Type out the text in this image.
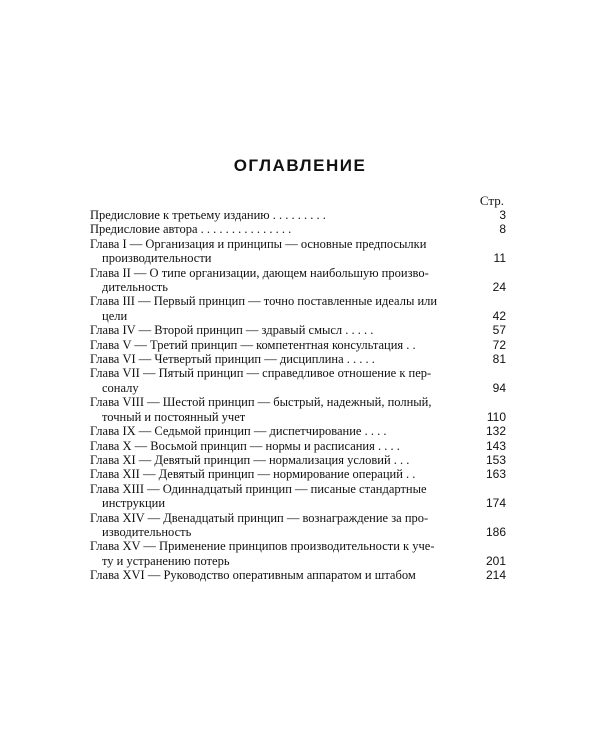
ОГЛАВЛЕНИЕ
Стр.
Предисловие к третьему изданию . . . . . . . . .	3
Предисловие автора . . . . . . . . . . . . . . .	8
Глава I — Организация и принципы — основные предпосылки
производительности	11
Глава II — О типе организации, дающем наибольшую произво-
дительность	24
Глава III — Первый принцип — точно поставленные идеалы или
цели	42
Глава IV — Второй принцип — здравый смысл . . . . .	57
Глава V — Третий принцип — компетентная консультация . .	72
Глава VI — Четвертый принцип — дисциплина . . . . .	81
Глава VII — Пятый принцип — справедливое отношение к пер-
соналу	94
Глава VIII — Шестой принцип — быстрый, надежный, полный,
точный и постоянный учет	110
Глава IX — Седьмой принцип — диспетчирование . . . .	132
Глава X — Восьмой принцип — нормы и расписания . . . .	143
Глава XI — Девятый принцип — нормализация условий . . .	153
Глава XII — Девятый принцип — нормирование операций . .	163
Глава XIII — Одиннадцатый принцип — писаные стандартные
инструкции	174
Глава XIV — Двенадцатый принцип — вознаграждение за про-
изводительность	186
Глава XV — Применение принципов производительности к уче-
ту и устранению потерь	201
Глава XVI — Руководство оперативным аппаратом и штабом	214
